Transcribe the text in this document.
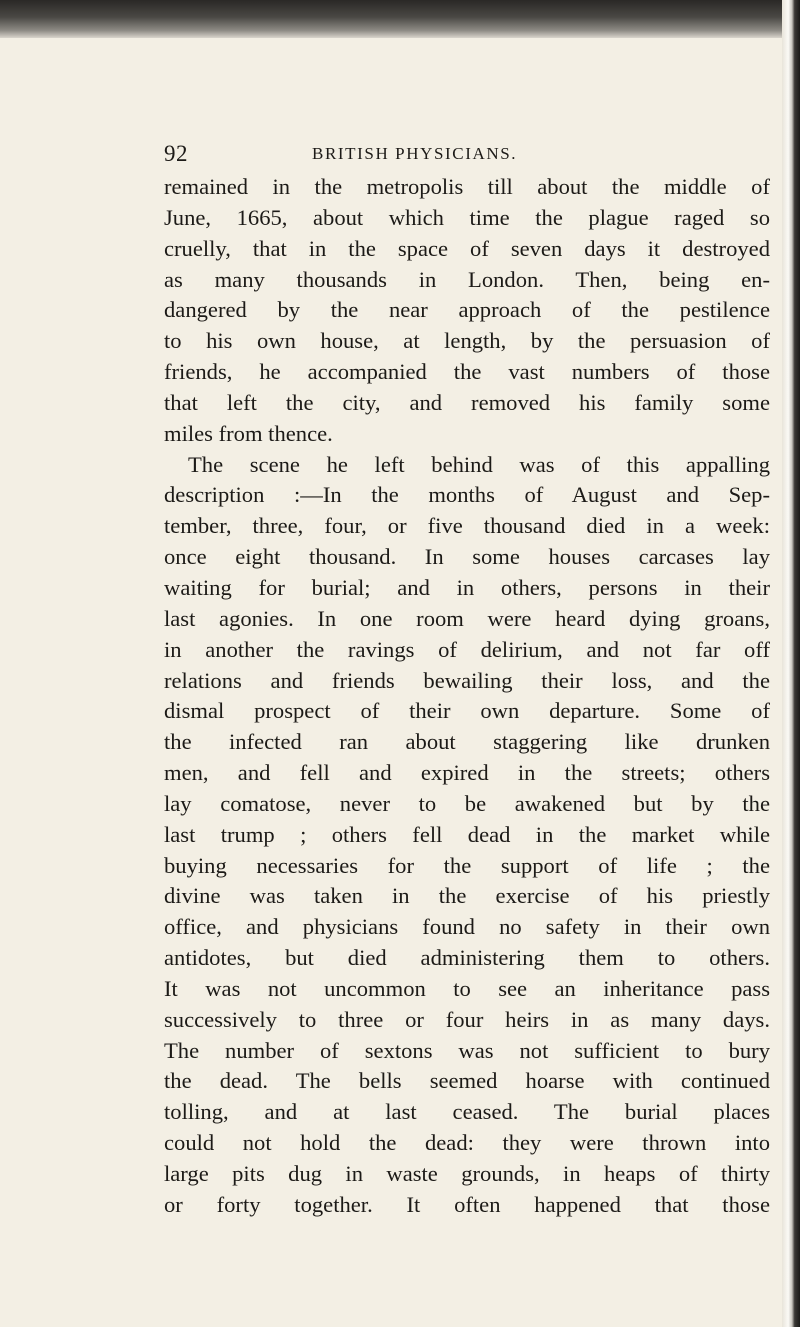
92	BRITISH PHYSICIANS.
remained in the metropolis till about the middle of
June, 1665, about which time the plague raged so
cruelly, that in the space of seven days it destroyed
as many thousands in London. Then, being en-
dangered by the near approach of the pestilence
to his own house, at length, by the persuasion of
friends, he accompanied the vast numbers of those
that left the city, and removed his family some
miles from thence.
The scene he left behind was of this appalling
description :—In the months of August and Sep-
tember, three, four, or five thousand died in a week:
once eight thousand. In some houses carcases lay
waiting for burial; and in others, persons in their
last agonies. In one room were heard dying groans,
in another the ravings of delirium, and not far off
relations and friends bewailing their loss, and the
dismal prospect of their own departure. Some of
the infected ran about staggering like drunken
men, and fell and expired in the streets; others
lay comatose, never to be awakened but by the
last trump ; others fell dead in the market while
buying necessaries for the support of life ; the
divine was taken in the exercise of his priestly
office, and physicians found no safety in their own
antidotes, but died administering them to others.
It was not uncommon to see an inheritance pass
successively to three or four heirs in as many days.
The number of sextons was not sufficient to bury
the dead. The bells seemed hoarse with continued
tolling, and at last ceased. The burial places
could not hold the dead: they were thrown into
large pits dug in waste grounds, in heaps of thirty
or forty together. It often happened that those
